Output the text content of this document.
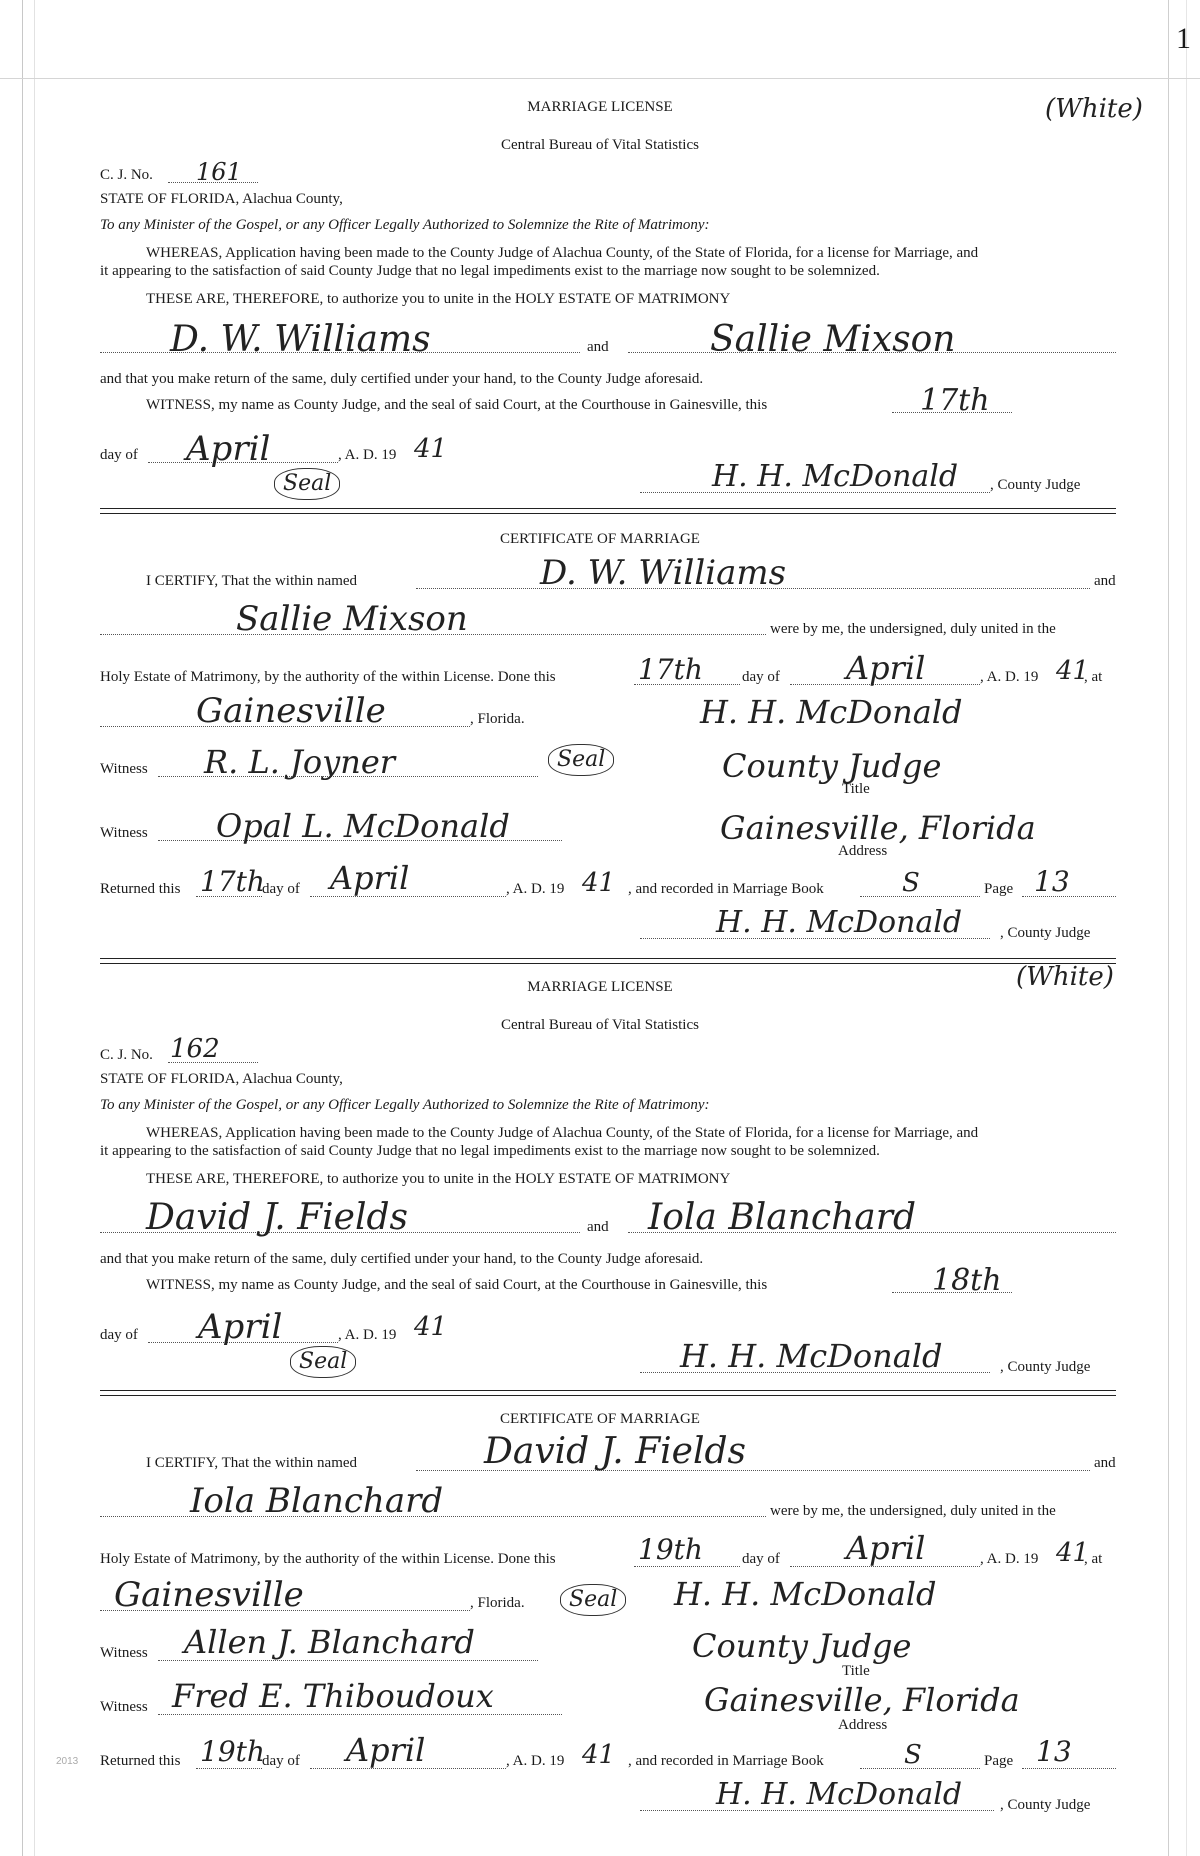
1
MARRIAGE LICENSE	(White)
Central Bureau of Vital Statistics
C. J. No. 161
STATE OF FLORIDA, Alachua County,
To any Minister of the Gospel, or any Officer Legally Authorized to Solemnize the Rite of Matrimony:
WHEREAS, Application having been made to the County Judge of Alachua County, of the State of Florida, for a license for Marriage, and
it appearing to the satisfaction of said County Judge that no legal impediments exist to the marriage now sought to be solemnized.
THESE ARE, THEREFORE, to authorize you to unite in the HOLY ESTATE OF MATRIMONY
D. W. Williams	and	Sallie Mixson
and that you make return of the same, duly certified under your hand, to the County Judge aforesaid.
WITNESS, my name as County Judge, and the seal of said Court, at the Courthouse in Gainesville, this	17th
day of April	, A. D. 19 41
Seal	H. H. McDonald , County Judge
CERTIFICATE OF MARRIAGE
I CERTIFY, That the within named	D. W. Williams	and
Sallie Mixson	were by me, the undersigned, duly united in the
Holy Estate of Matrimony, by the authority of the within License. Done this	17th	day of April	, A. D. 19 41
, at
Gainesville	, Florida.	H. H. McDonald
Witness R. L. Joyner	Seal	County Judge
Title
Witness Opal L. McDonald	Gainesville, Florida
Address
Returned this 17th
day of April	, A. D. 19 41 , and recorded in Marriage Book	S	Page 13
H. H. McDonald	, County Judge
MARRIAGE LICENSE	(White)
Central Bureau of Vital Statistics
C. J. No. 162
STATE OF FLORIDA, Alachua County,
To any Minister of the Gospel, or any Officer Legally Authorized to Solemnize the Rite of Matrimony:
WHEREAS, Application having been made to the County Judge of Alachua County, of the State of Florida, for a license for Marriage, and
it appearing to the satisfaction of said County Judge that no legal impediments exist to the marriage now sought to be solemnized.
THESE ARE, THEREFORE, to authorize you to unite in the HOLY ESTATE OF MATRIMONY
David J. Fields	and Iola Blanchard
and that you make return of the same, duly certified under your hand, to the County Judge aforesaid.
WITNESS, my name as County Judge, and the seal of said Court, at the Courthouse in Gainesville, this	18th
day of April	, A. D. 19 41
Seal	H. H. McDonald	, County Judge
CERTIFICATE OF MARRIAGE
I CERTIFY, That the within named	David J. Fields	and
Iola Blanchard	were by me, the undersigned, duly united in the
Holy Estate of Matrimony, by the authority of the within License. Done this	19th	day of April	, A. D. 19 41
, at
Gainesville	, Florida.	Seal H. H. McDonald
Witness Allen J. Blanchard	County Judge
Title
Witness Fred E. Thiboudoux	Gainesville, Florida
Address
2013 Returned this 19th
day of April	, A. D. 19 41 , and recorded in Marriage Book	S	Page 13
H. H. McDonald	, County Judge
